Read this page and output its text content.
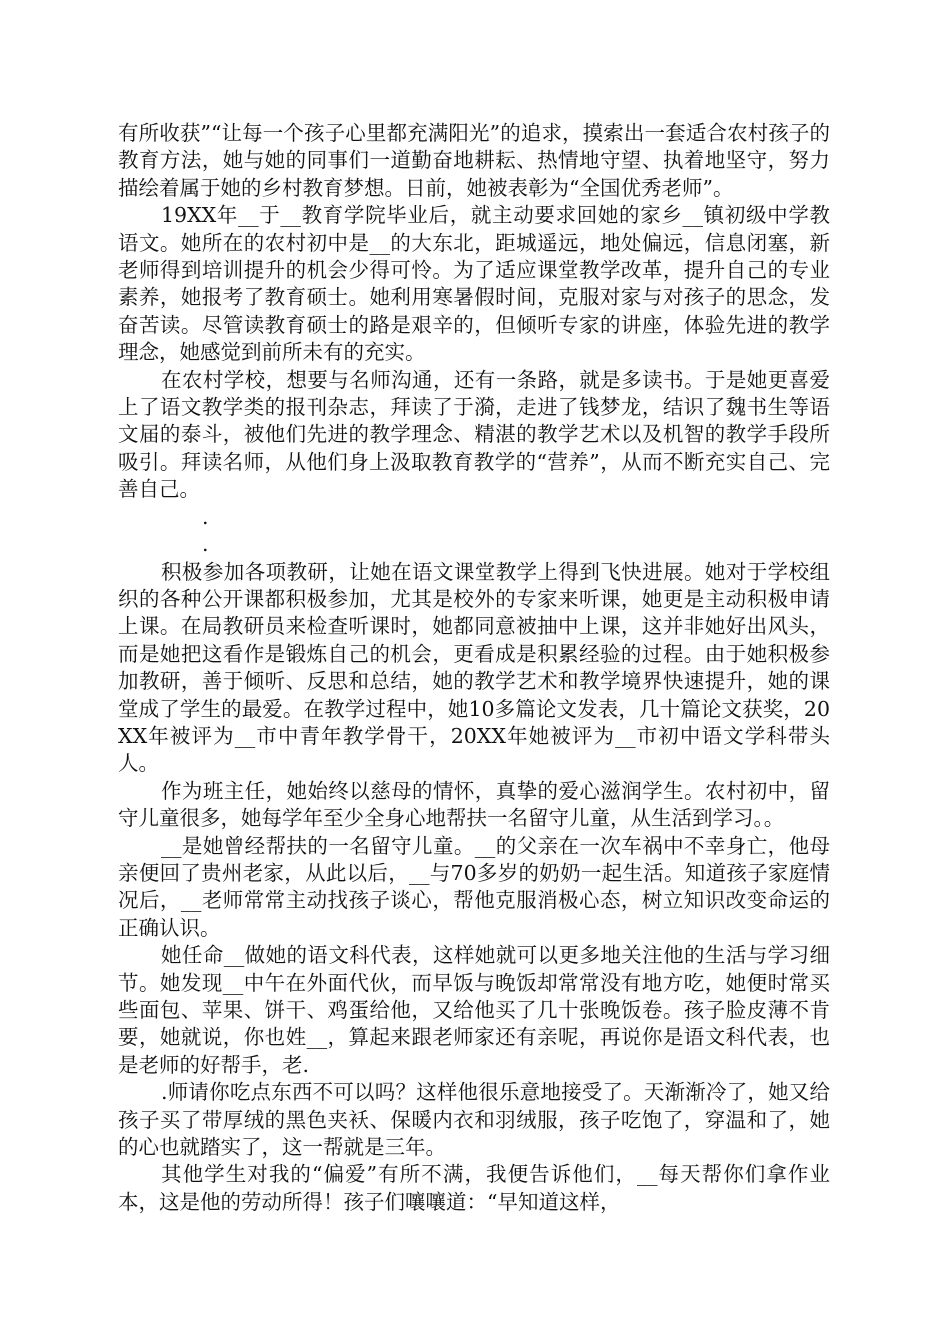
有所收获”“让每一个孩子心里都充满阳光”的追求，摸索出一套适合农村孩子的教育方法，她与她的同事们一道勤奋地耕耘、热情地守望、执着地坚守，努力描绘着属于她的乡村教育梦想。日前，她被表彰为“全国优秀老师”。

19XX年__于__教育学院毕业后，就主动要求回她的家乡__镇初级中学教语文。她所在的农村初中是__的大东北，距城遥远，地处偏远，信息闭塞，新老师得到培训提升的机会少得可怜。为了适应课堂教学改革，提升自己的专业素养，她报考了教育硕士。她利用寒暑假时间，克服对家与对孩子的思念，发奋苦读。尽管读教育硕士的路是艰辛的，但倾听专家的讲座，体验先进的教学理念，她感觉到前所未有的充实。

在农村学校，想要与名师沟通，还有一条路，就是多读书。于是她更喜爱上了语文教学类的报刊杂志，拜读了于漪，走进了钱梦龙，结识了魏书生等语文届的泰斗，被他们先进的教学理念、精湛的教学艺术以及机智的教学手段所吸引。拜读名师，从他们身上汲取教育教学的“营养”，从而不断充实自己、完善自己。

.

.

积极参加各项教研，让她在语文课堂教学上得到飞快进展。她对于学校组织的各种公开课都积极参加，尤其是校外的专家来听课，她更是主动积极申请上课。在局教研员来检查听课时，她都同意被抽中上课，这并非她好出风头，而是她把这看作是锻炼自己的机会，更看成是积累经验的过程。由于她积极参加教研，善于倾听、反思和总结，她的教学艺术和教学境界快速提升，她的课堂成了学生的最爱。在教学过程中，她10多篇论文发表，几十篇论文获奖，20XX年被评为__市中青年教学骨干，20XX年她被评为__市初中语文学科带头人。

作为班主任，她始终以慈母的情怀，真挚的爱心滋润学生。农村初中，留守儿童很多，她每学年至少全身心地帮扶一名留守儿童，从生活到学习。。

__是她曾经帮扶的一名留守儿童。__的父亲在一次车祸中不幸身亡，他母亲便回了贵州老家，从此以后，__与70多岁的奶奶一起生活。知道孩子家庭情况后，__老师常常主动找孩子谈心，帮他克服消极心态，树立知识改变命运的正确认识。

她任命__做她的语文科代表，这样她就可以更多地关注他的生活与学习细节。她发现__中午在外面代伙，而早饭与晚饭却常常没有地方吃，她便时常买些面包、苹果、饼干、鸡蛋给他，又给他买了几十张晚饭卷。孩子脸皮薄不肯要，她就说，你也姓__，算起来跟老师家还有亲呢，再说你是语文科代表，也是老师的好帮手，老.

.师请你吃点东西不可以吗？这样他很乐意地接受了。天渐渐冷了，她又给孩子买了带厚绒的黑色夹袄、保暖内衣和羽绒服，孩子吃饱了，穿温和了，她的心也就踏实了，这一帮就是三年。

其他学生对我的“偏爱”有所不满，我便告诉他们，__每天帮你们拿作业本，这是他的劳动所得！孩子们嚷嚷道：“早知道这样，
